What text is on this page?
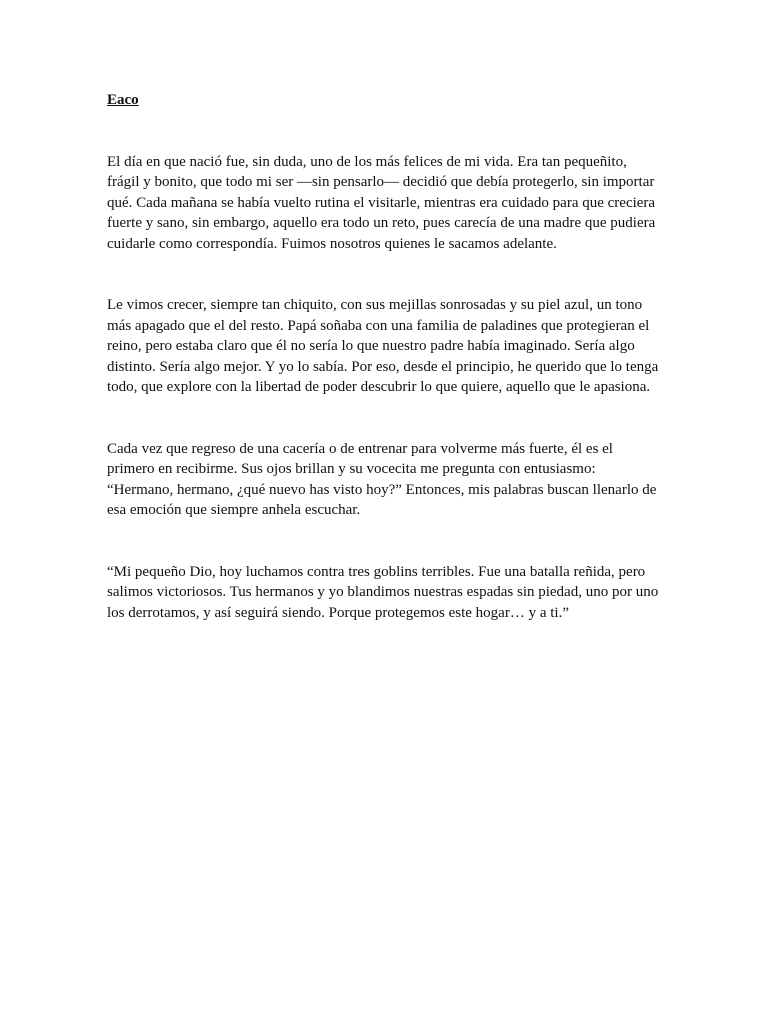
Eaco

El día en que nació fue, sin duda, uno de los más felices de mi vida. Era tan pequeñito, frágil y bonito, que todo mi ser —sin pensarlo— decidió que debía protegerlo, sin importar qué. Cada mañana se había vuelto rutina el visitarle, mientras era cuidado para que creciera fuerte y sano, sin embargo, aquello era todo un reto, pues carecía de una madre que pudiera cuidarle como correspondía. Fuimos nosotros quienes le sacamos adelante.

Le vimos crecer, siempre tan chiquito, con sus mejillas sonrosadas y su piel azul, un tono más apagado que el del resto. Papá soñaba con una familia de paladines que protegieran el reino, pero estaba claro que él no sería lo que nuestro padre había imaginado. Sería algo distinto. Sería algo mejor. Y yo lo sabía. Por eso, desde el principio, he querido que lo tenga todo, que explore con la libertad de poder descubrir lo que quiere, aquello que le apasiona.

Cada vez que regreso de una cacería o de entrenar para volverme más fuerte, él es el primero en recibirme. Sus ojos brillan y su vocecita me pregunta con entusiasmo: “Hermano, hermano, ¿qué nuevo has visto hoy?” Entonces, mis palabras buscan llenarlo de esa emoción que siempre anhela escuchar.

“Mi pequeño Dio, hoy luchamos contra tres goblins terribles. Fue una batalla reñida, pero salimos victoriosos. Tus hermanos y yo blandimos nuestras espadas sin piedad, uno por uno los derrotamos, y así seguirá siendo. Porque protegemos este hogar… y a ti.”
